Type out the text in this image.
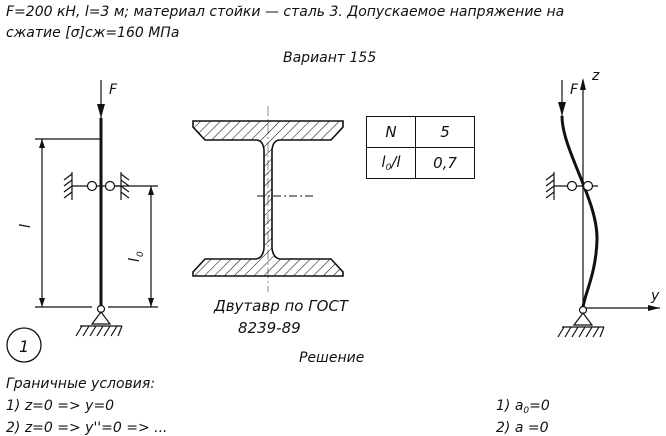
F=200 кН, l=3 м; материал стойки — сталь 3. Допускаемое напряжение на
сжатие [σ]сж=160 МПа
Вариант 155
F
l
l
0
F
z
y
1
N	5
$l_0/l$	0,7
Двутавр по ГОСТ
8239-89
Решение
Граничные условия:
1) z=0 => y=0	1) $a_0=0$
2) z=0 => y''=0 => ...	2) a =0
